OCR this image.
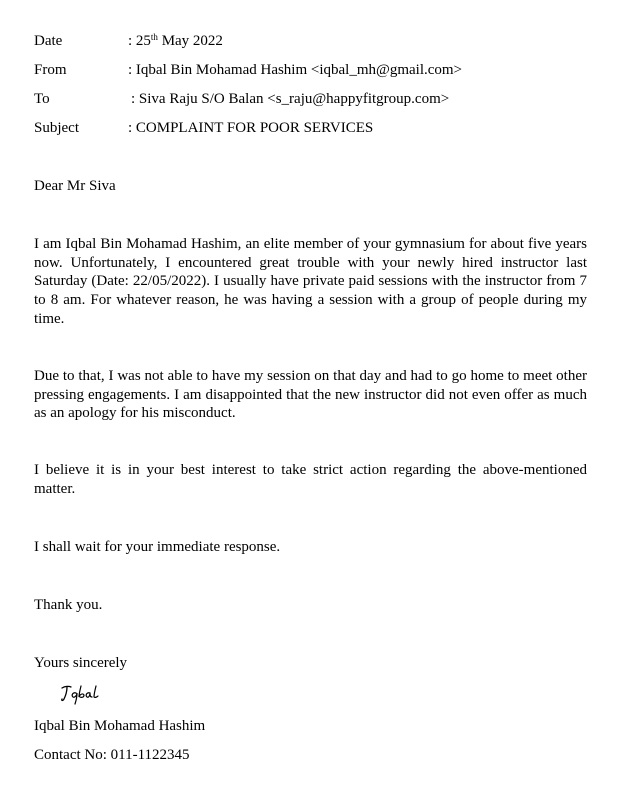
Date	: 25th May 2022
From	: Iqbal Bin Mohamad Hashim <iqbal_mh@gmail.com>
To	: Siva Raju S/O Balan <s_raju@happyfitgroup.com>
Subject	: COMPLAINT FOR POOR SERVICES
Dear Mr Siva
I am Iqbal Bin Mohamad Hashim, an elite member of your gymnasium for about five years now. Unfortunately, I encountered great trouble with your newly hired instructor last Saturday (Date: 22/05/2022). I usually have private paid sessions with the instructor from 7 to 8 am. For whatever reason, he was having a session with a group of people during my time.
Due to that, I was not able to have my session on that day and had to go home to meet other pressing engagements. I am disappointed that the new instructor did not even offer as much as an apology for his misconduct.
I believe it is in your best interest to take strict action regarding the above-mentioned matter.
I shall wait for your immediate response.
Thank you.
Yours sincerely
Iqbal Bin Mohamad Hashim
Contact No: 011-1122345
